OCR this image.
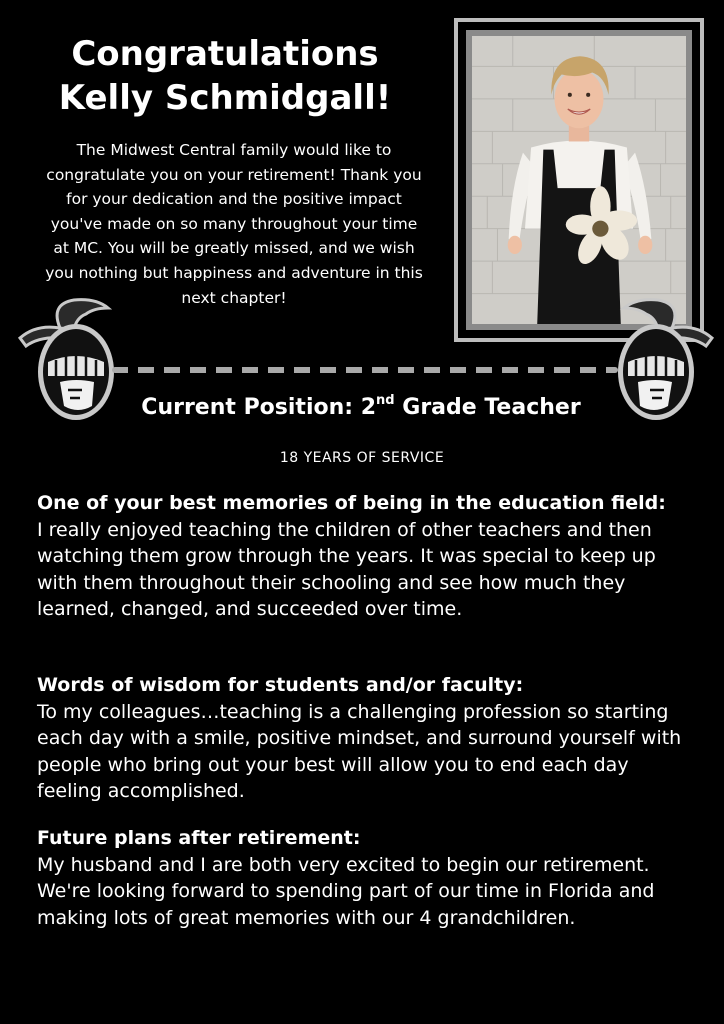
Congratulations
Kelly Schmidgall!

The Midwest Central family would like to congratulate you on your retirement! Thank you for your dedication and the positive impact you've made on so many throughout your time at MC. You will be greatly missed, and we wish you nothing but happiness and adventure in this next chapter!

Current Position: 2nd Grade Teacher

18 YEARS OF SERVICE

One of your best memories of being in the education field:
I really enjoyed teaching the children of other teachers and then watching them grow through the years. It was special to keep up with them throughout their schooling and see how much they learned, changed, and succeeded over time.
Words of wisdom for students and/or faculty:
To my colleagues…teaching is a challenging profession so starting each day with a smile, positive mindset, and surround yourself with people who bring out your best will allow you to end each day feeling accomplished.
Future plans after retirement:
My husband and I are both very excited to begin our retirement. We're looking forward to spending part of our time in Florida and making lots of great memories with our 4 grandchildren.
